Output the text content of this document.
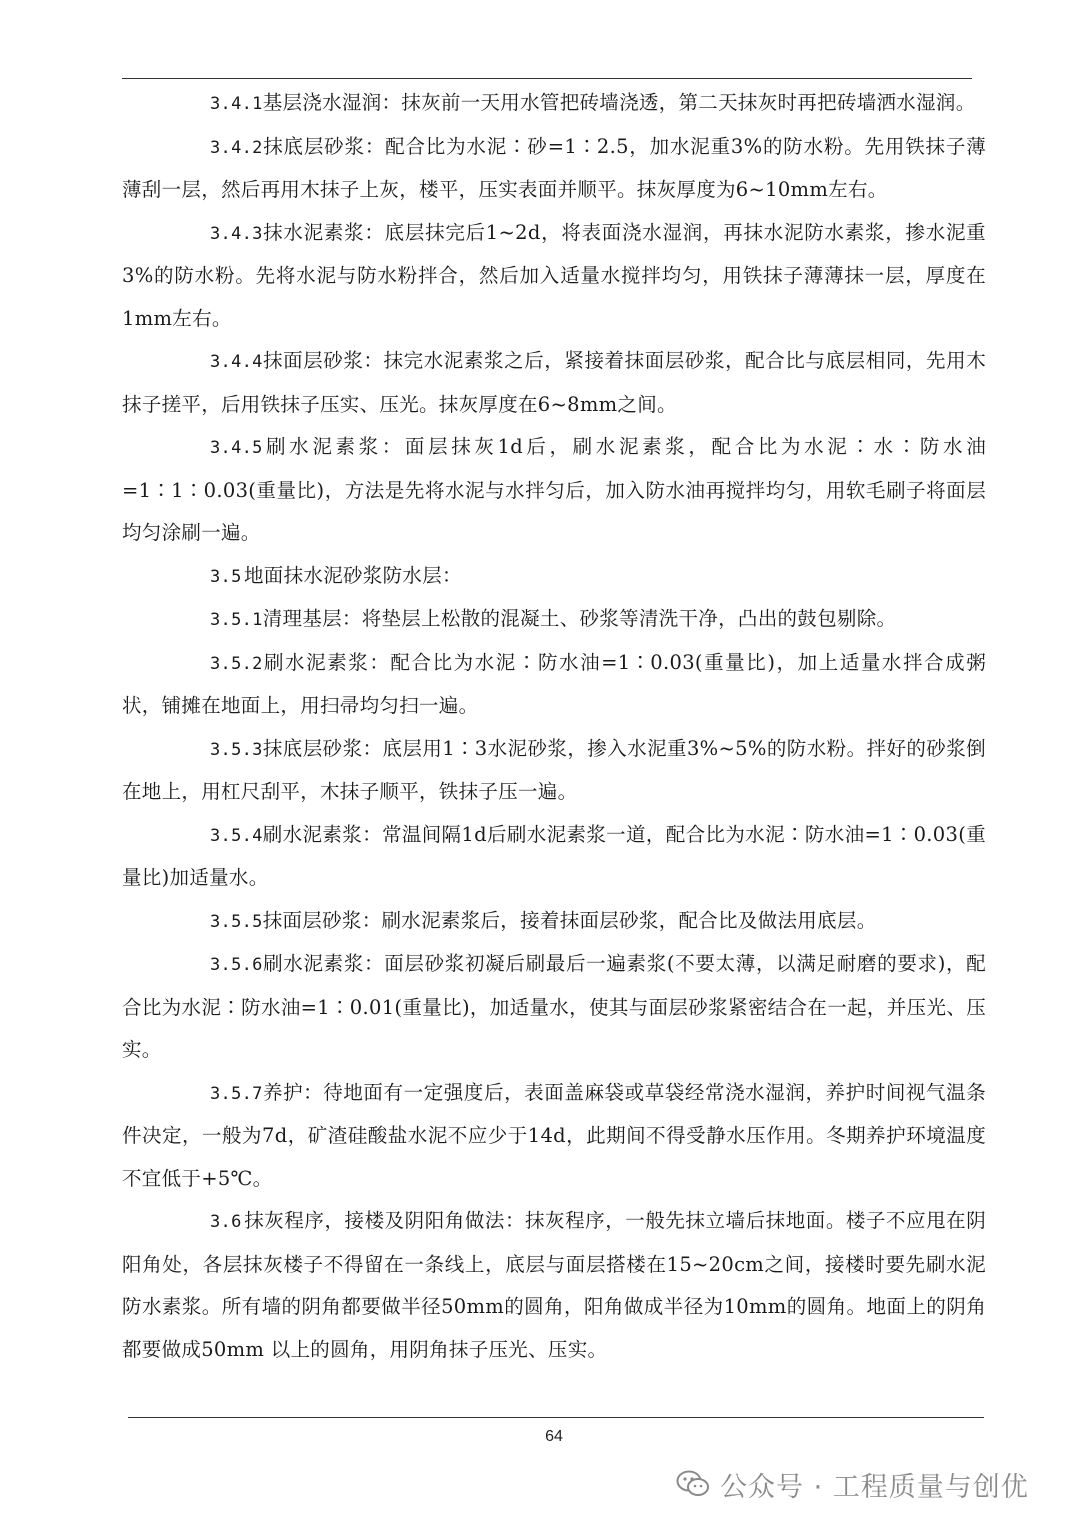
3.4.1基层浇水湿润：抹灰前一天用水管把砖墙浇透，第二天抹灰时再把砖墙洒水湿润。

3.4.2抹底层砂浆：配合比为水泥∶砂=1∶2.5，加水泥重3%的防水粉。先用铁抹子薄薄刮一层，然后再用木抹子上灰，楼平，压实表面并顺平。抹灰厚度为6~10mm左右。

3.4.3抹水泥素浆：底层抹完后1~2d，将表面浇水湿润，再抹水泥防水素浆，掺水泥重3%的防水粉。先将水泥与防水粉拌合，然后加入适量水搅拌均匀，用铁抹子薄薄抹一层，厚度在1mm左右。

3.4.4抹面层砂浆：抹完水泥素浆之后，紧接着抹面层砂浆，配合比与底层相同，先用木抹子搓平，后用铁抹子压实、压光。抹灰厚度在6~8mm之间。

3.4.5刷水泥素浆：面层抹灰1d后，刷水泥素浆，配合比为水泥∶水∶防水油=1∶1∶0.03(重量比)，方法是先将水泥与水拌匀后，加入防水油再搅拌均匀，用软毛刷子将面层均匀涂刷一遍。

3.5 地面抹水泥砂浆防水层：

3.5.1清理基层：将垫层上松散的混凝土、砂浆等清洗干净，凸出的鼓包剔除。

3.5.2刷水泥素浆：配合比为水泥∶防水油=1∶0.03(重量比)，加上适量水拌合成粥状，铺摊在地面上，用扫帚均匀扫一遍。

3.5.3抹底层砂浆：底层用1∶3水泥砂浆，掺入水泥重3%~5%的防水粉。拌好的砂浆倒在地上，用杠尺刮平，木抹子顺平，铁抹子压一遍。

3.5.4刷水泥素浆：常温间隔1d后刷水泥素浆一道，配合比为水泥∶防水油=1∶0.03(重量比)加适量水。

3.5.5抹面层砂浆：刷水泥素浆后，接着抹面层砂浆，配合比及做法用底层。

3.5.6刷水泥素浆：面层砂浆初凝后刷最后一遍素浆(不要太薄，以满足耐磨的要求)，配合比为水泥∶防水油=1∶0.01(重量比)，加适量水，使其与面层砂浆紧密结合在一起，并压光、压实。

3.5.7养护：待地面有一定强度后，表面盖麻袋或草袋经常浇水湿润，养护时间视气温条件决定，一般为7d，矿渣硅酸盐水泥不应少于14d，此期间不得受静水压作用。冬期养护环境温度不宜低于+5℃。

3.6 抹灰程序，接楼及阴阳角做法：抹灰程序，一般先抹立墙后抹地面。楼子不应甩在阴阳角处，各层抹灰楼子不得留在一条线上，底层与面层搭楼在15~20cm之间，接楼时要先刷水泥防水素浆。所有墙的阴角都要做半径50mm的圆角，阳角做成半径为10mm的圆角。地面上的阴角都要做成50mm 以上的圆角，用阴角抹子压光、压实。

64
公众号 · 工程质量与创优
